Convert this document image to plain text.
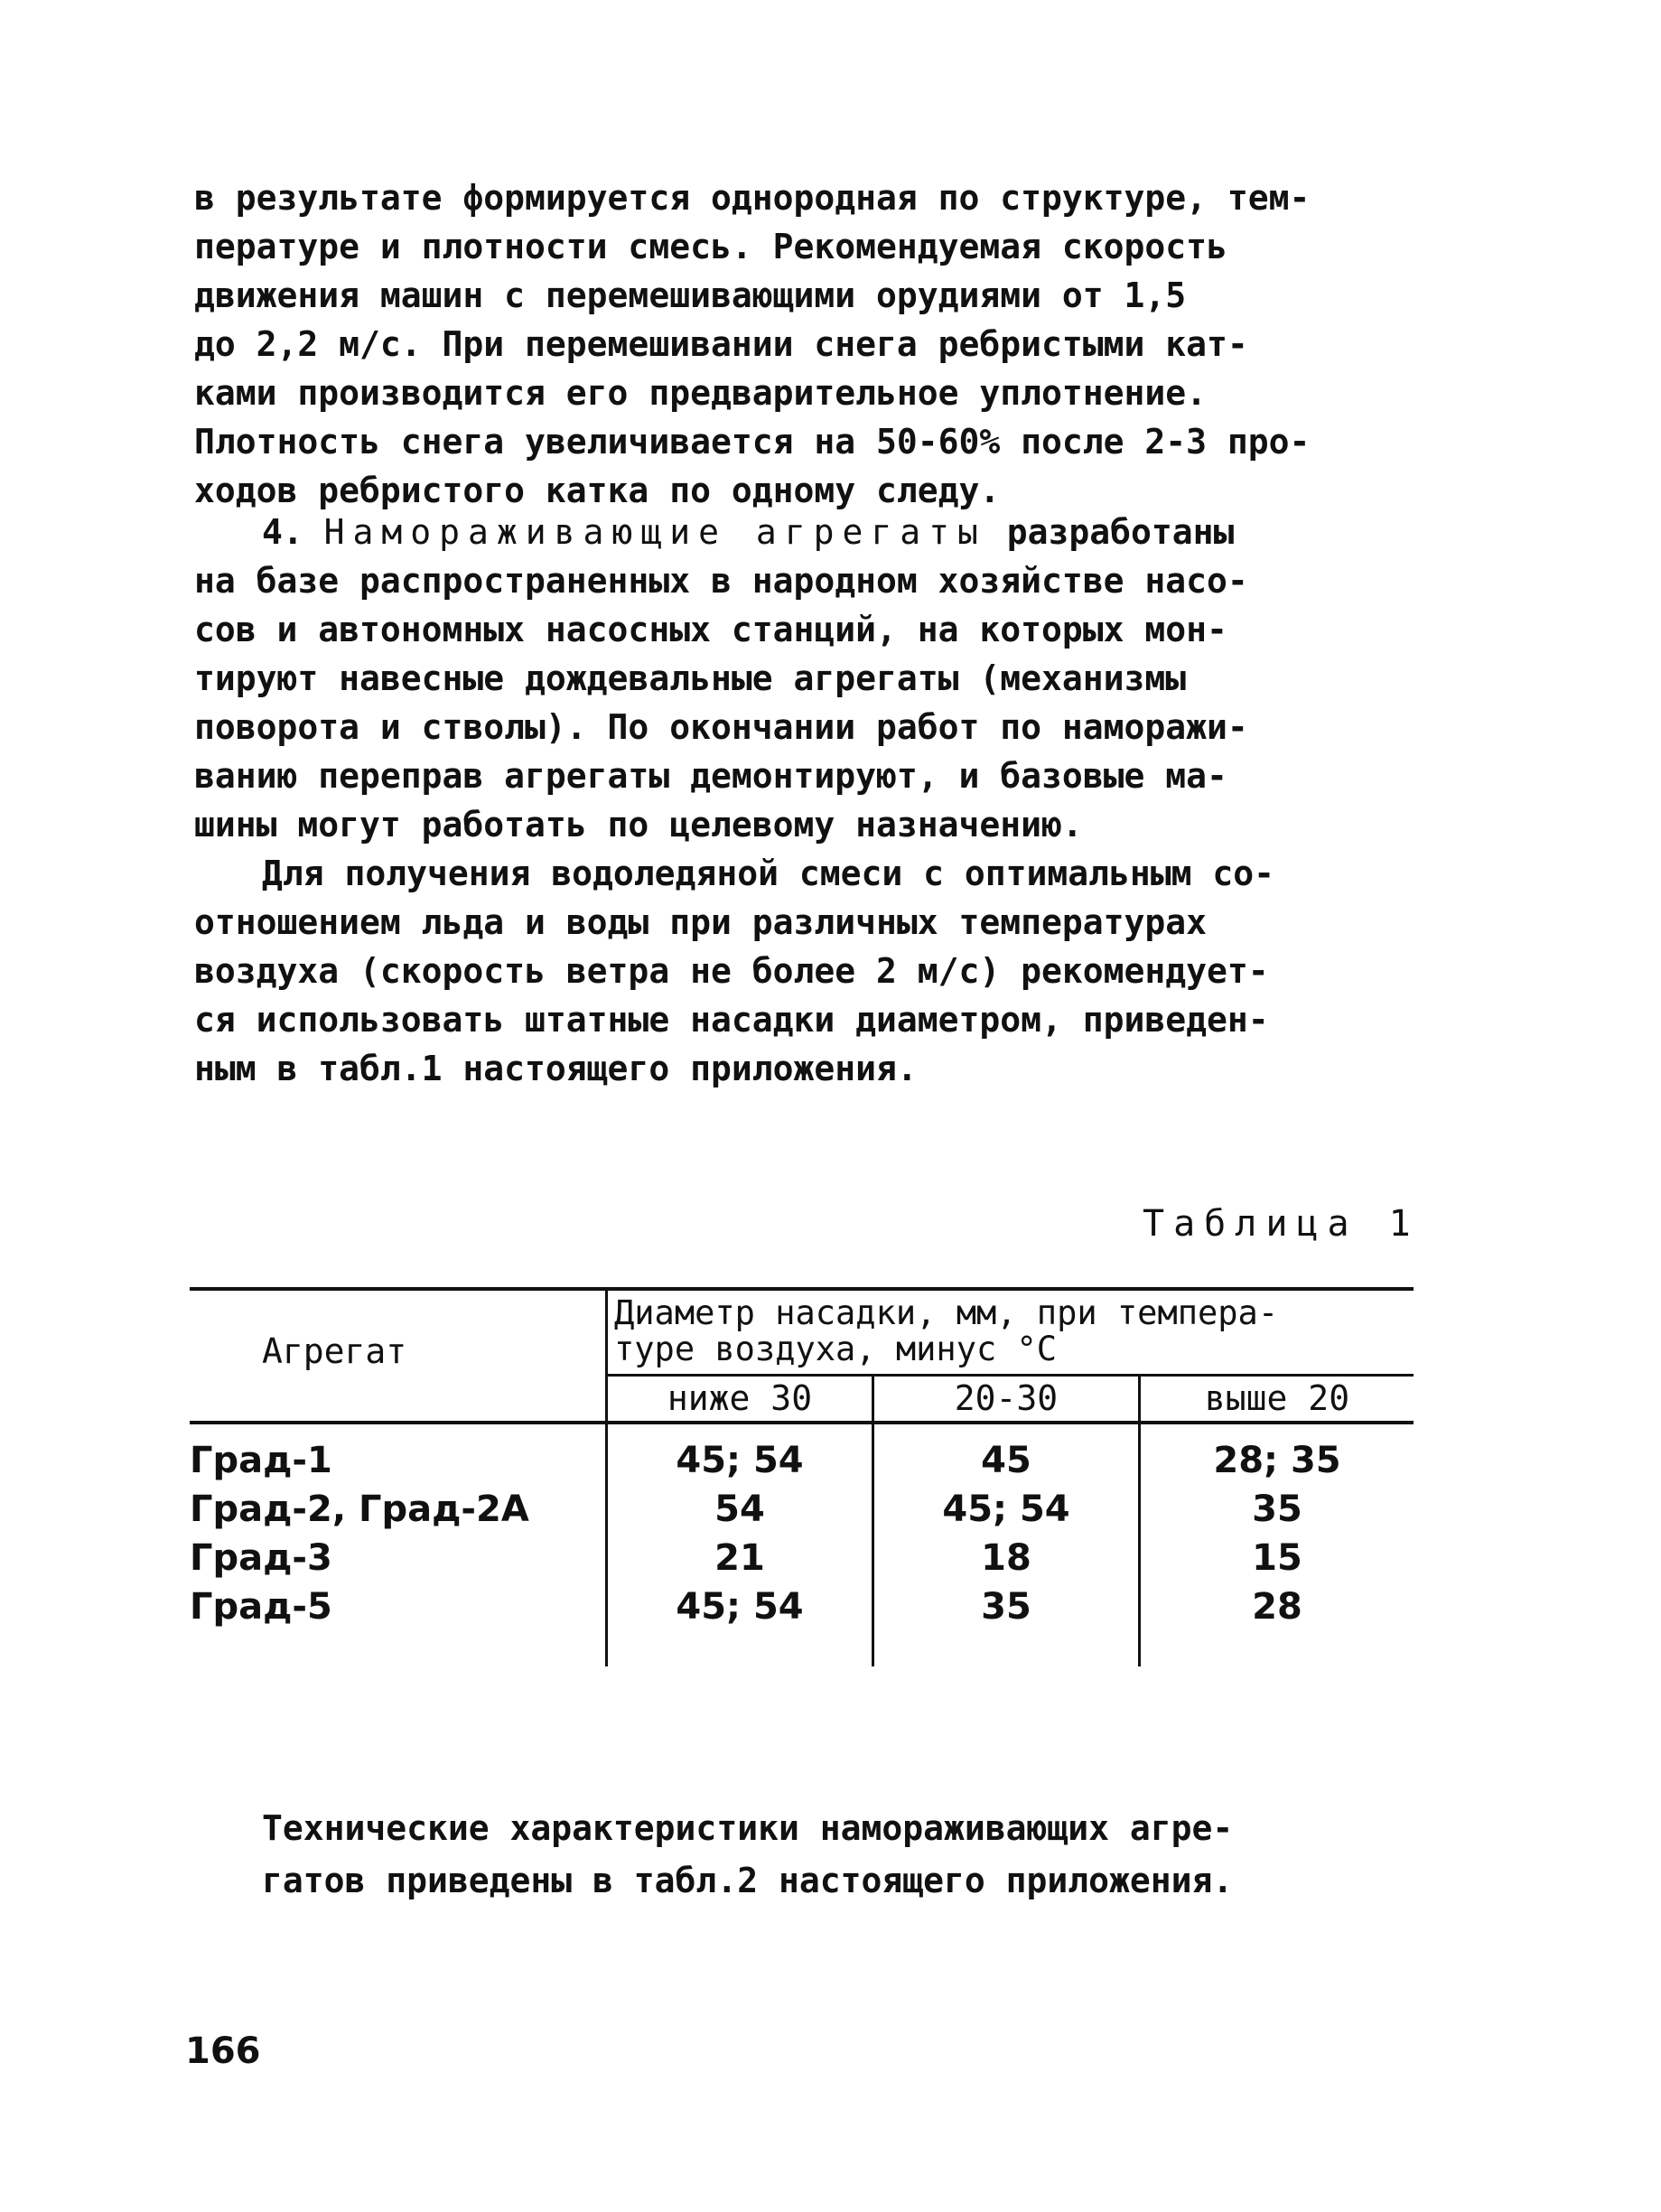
в результате формируется однородная по структуре, тем-
пературе и плотности смесь. Рекомендуемая скорость
движения машин с перемешивающими орудиями от 1,5
до 2,2 м/с. При перемешивании снега ребристыми кат-
ками производится его предварительное уплотнение.
Плотность снега увеличивается на 50-60% после 2-3 про-
ходов ребристого катка по одному следу.
4. Намораживающие агрегаты разработаны
на базе распространенных в народном хозяйстве насо-
сов и автономных насосных станций, на которых мон-
тируют навесные дождевальные агрегаты (механизмы
поворота и стволы). По окончании работ по наморажи-
ванию переправ агрегаты демонтируют, и базовые ма-
шины могут работать по целевому назначению.
Для получения водоледяной смеси с оптимальным со-
отношением льда и воды при различных температурах
воздуха (скорость ветра не более 2 м/с) рекомендует-
ся использовать штатные насадки диаметром, приведен-
ным в табл.1 настоящего приложения.
Таблица 1
Агрегат
Диаметр насадки, мм, при темпера-
туре воздуха, минус °С
ниже 30	20-30	выше 20
Град-1	45; 54	45	28; 35
Град-2, Град-2А	54	45; 54	35
Град-3	21	18	15
Град-5	45; 54	35	28
Технические характеристики намораживающих агре-
гатов приведены в табл.2 настоящего приложения.
166
